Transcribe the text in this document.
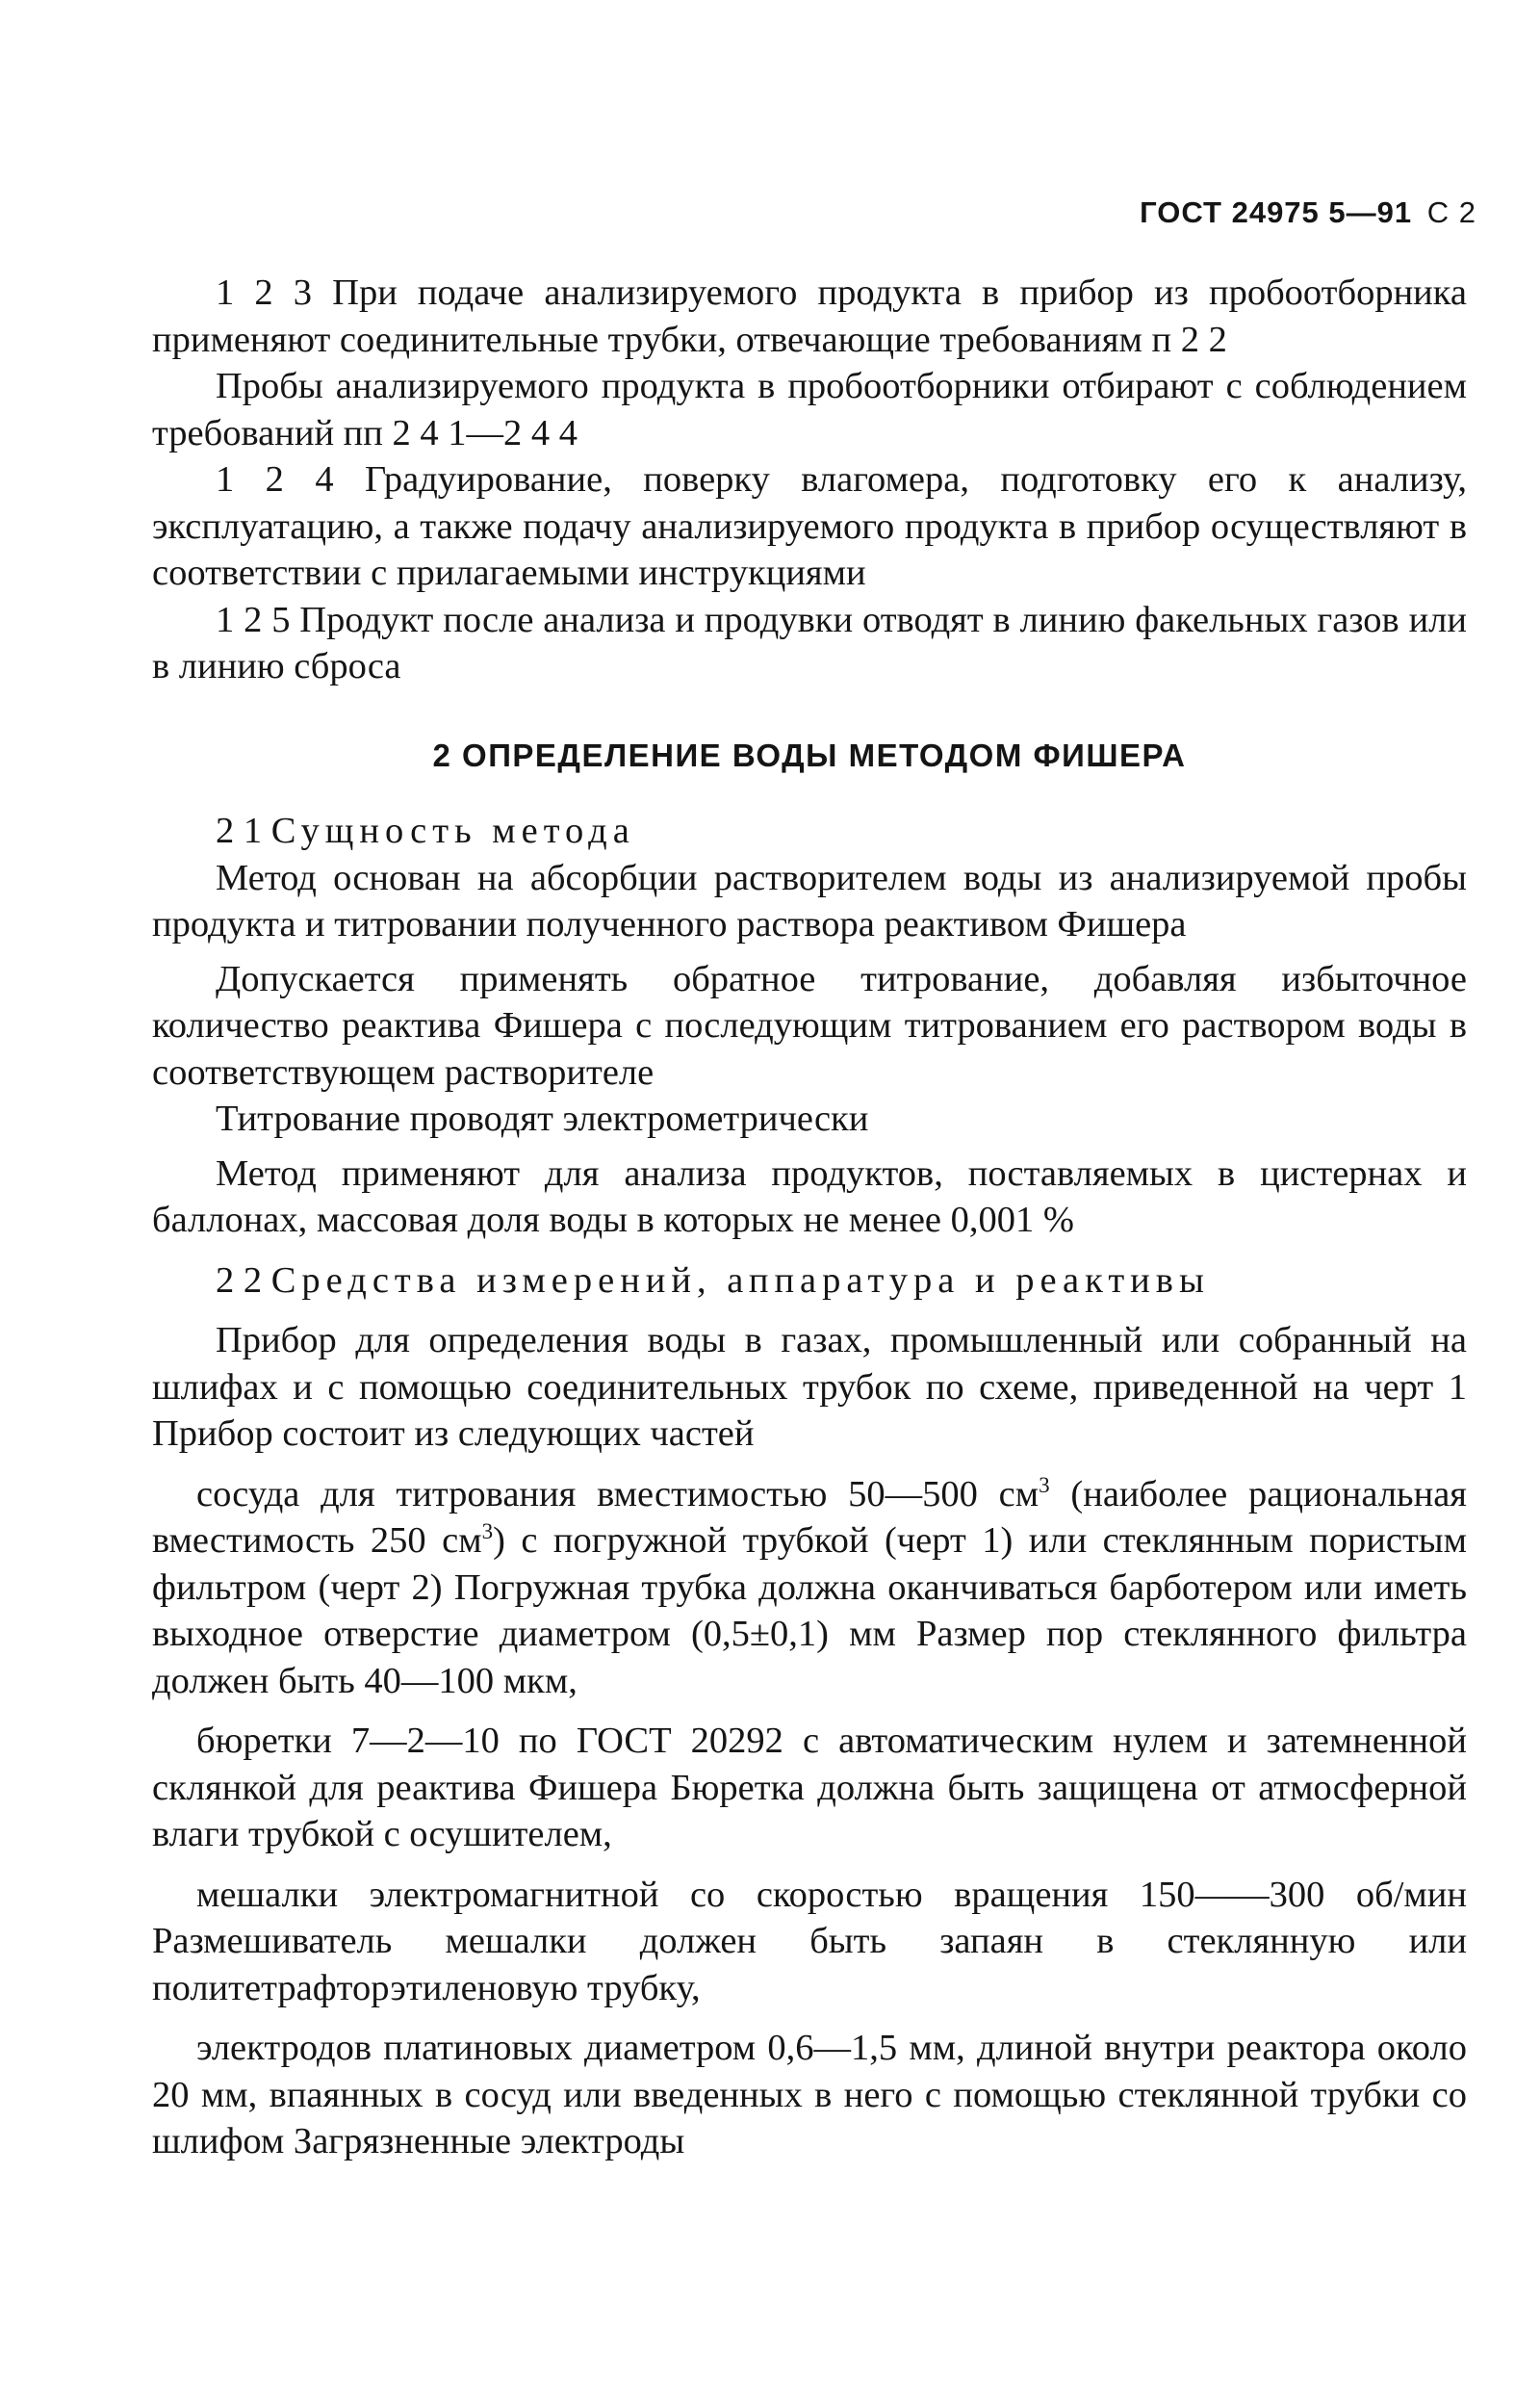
ГОСТ 24975 5—91 С 2

1 2 3 При подаче анализируемого продукта в прибор из пробоотборника применяют соединительные трубки, отвечающие требованиям п 2 2

Пробы анализируемого продукта в пробоотборники отбирают с соблюдением требований пп 2 4 1—2 4 4

1 2 4 Градуирование, поверку влагомера, подготовку его к анализу, эксплуатацию, а также подачу анализируемого продукта в прибор осуществляют в соответствии с прилагаемыми инструкциями

1 2 5 Продукт после анализа и продувки отводят в линию факельных газов или в линию сброса

2 ОПРЕДЕЛЕНИЕ ВОДЫ МЕТОДОМ ФИШЕРА

2 1 Сущность метода

Метод основан на абсорбции растворителем воды из анализируемой пробы продукта и титровании полученного раствора реактивом Фишера

Допускается применять обратное титрование, добавляя избыточное количество реактива Фишера с последующим титрованием его раствором воды в соответствующем растворителе

Титрование проводят электрометрически

Метод применяют для анализа продуктов, поставляемых в цистернах и баллонах, массовая доля воды в которых не менее 0,001 %

2 2 Средства измерений, аппаратура и реактивы

Прибор для определения воды в газах, промышленный или собранный на шлифах и с помощью соединительных трубок по схеме, приведенной на черт 1 Прибор состоит из следующих частей

сосуда для титрования вместимостью 50—500 $см^3$ (наиболее рациональная вместимость 250 $см^3$) с погружной трубкой (черт 1) или стеклянным пористым фильтром (черт 2) Погружная трубка должна оканчиваться барботером или иметь выходное отверстие диаметром (0,5±0,1) мм Размер пор стеклянного фильтра должен быть 40—100 мкм,

бюретки 7—2—10 по ГОСТ 20292 с автоматическим нулем и затемненной склянкой для реактива Фишера Бюретка должна быть защищена от атмосферной влаги трубкой с осушителем,

мешалки электромагнитной со скоростью вращения 150——300 об/мин Размешиватель мешалки должен быть запаян в стеклянную или политетрафторэтиленовую трубку,

электродов платиновых диаметром 0,6—1,5 мм, длиной внутри реактора около 20 мм, впаянных в сосуд или введенных в него с помощью стеклянной трубки со шлифом Загрязненные электроды
